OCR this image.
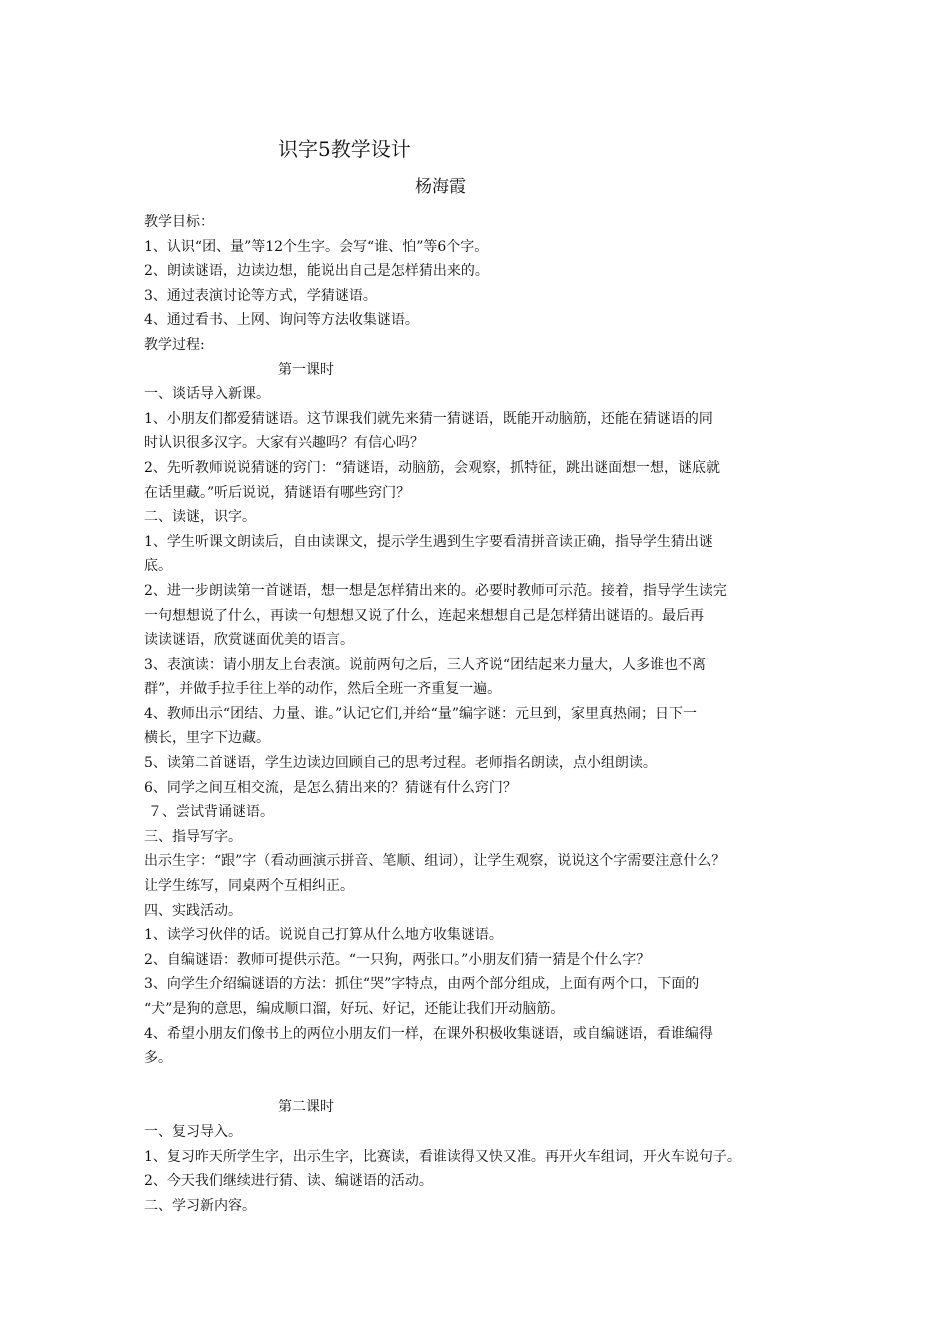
识字5教学设计
杨海霞

教学目标：

1、认识“团、量”等12个生字。会写“谁、怕”等6个字。

2、朗读谜语，边读边想，能说出自己是怎样猜出来的。

3、通过表演讨论等方式，学猜谜语。

4、通过看书、上网、询问等方法收集谜语。

教学过程:

第一课时

一、谈话导入新课。

1、小朋友们都爱猜谜语。这节课我们就先来猜一猜谜语，既能开动脑筋，还能在猜谜语的同

时认识很多汉字。大家有兴趣吗？有信心吗？

2、先听教师说说猜谜的窍门：“猜谜语，动脑筋，会观察，抓特征，跳出谜面想一想，谜底就

在话里藏。”听后说说，猜谜语有哪些窍门？

二、读谜，识字。

1、学生听课文朗读后，自由读课文，提示学生遇到生字要看清拼音读正确，指导学生猜出谜

底。

2、进一步朗读第一首谜语，想一想是怎样猜出来的。必要时教师可示范。接着，指导学生读完

一句想想说了什么，再读一句想想又说了什么，连起来想想自己是怎样猜出谜语的。最后再

读读谜语，欣赏谜面优美的语言。

3、表演读：请小朋友上台表演。说前两句之后，三人齐说“团结起来力量大，人多谁也不离

群”，并做手拉手往上举的动作，然后全班一齐重复一遍。

4、教师出示“团结、力量、谁。”认记它们,并给“量”编字谜：元旦到，家里真热闹；日下一

横长，里字下边藏。

5、读第二首谜语，学生边读边回顾自己的思考过程。老师指名朗读，点小组朗读。

6、同学之间互相交流，是怎么猜出来的？猜谜有什么窍门？

７、尝试背诵谜语。

三、指导写字。

出示生字：“跟”字（看动画演示拼音、笔顺、组词），让学生观察，说说这个字需要注意什么？

让学生练写，同桌两个互相纠正。

四、实践活动。

1、读学习伙伴的话。说说自己打算从什么地方收集谜语。

2、自编谜语：教师可提供示范。“一只狗，两张口。”小朋友们猜一猜是个什么字？

3、向学生介绍编谜语的方法：抓住“哭”字特点，由两个部分组成，上面有两个口，下面的

“犬”是狗的意思，编成顺口溜，好玩、好记，还能让我们开动脑筋。

4、希望小朋友们像书上的两位小朋友们一样，在课外积极收集谜语，或自编谜语，看谁编得

多。

第二课时

一、复习导入。

1、复习昨天所学生字，出示生字，比赛读，看谁读得又快又准。再开火车组词，开火车说句子。

2、今天我们继续进行猜、读、编谜语的活动。

二、学习新内容。
